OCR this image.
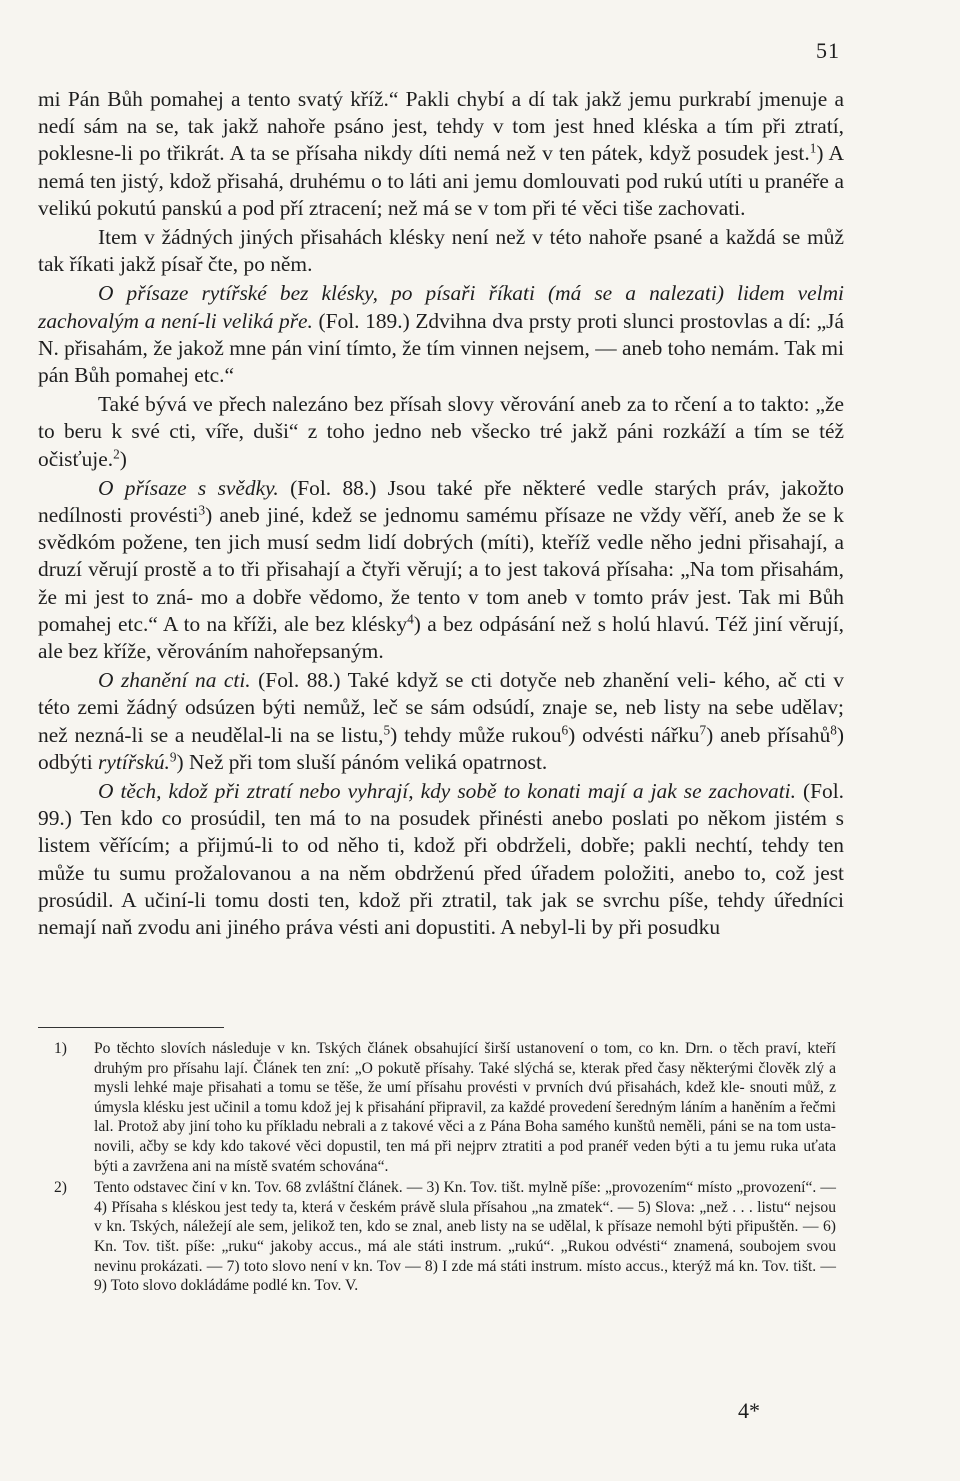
51

mi Pán Bůh pomahej a tento svatý kříž.“ Pakli chybí a dí tak jakž jemu purkrabí jmenuje a nedí sám na se, tak jakž nahoře psáno jest, tehdy v tom jest hned kléska a tím při ztratí, poklesne-li po třikrát. A ta se přísaha nikdy díti nemá než v ten pátek, když posudek jest.$^1$) A nemá ten jistý, kdož přisahá, druhému o to láti ani jemu domlouvati pod rukú utíti u pranéře a velikú pokutú panskú a pod pří ztracení; než má se v tom při té věci tiše zachovati.

Item v žádných jiných přisahách klésky není než v této nahoře psané a každá se můž tak říkati jakž písař čte, po něm.

O přísaze rytířské bez klésky, po písaři říkati (má se a nalezati) lidem velmi zachovalým a není-li veliká pře. (Fol. 189.) Zdvihna dva prsty proti slunci prostovlas a dí: „Já N. přisahám, že jakož mne pán viní tímto, že tím vinnen nejsem, — aneb toho nemám. Tak mi pán Bůh pomahej etc.“

Také bývá ve přech nalezáno bez přísah slovy věrování aneb za to rčení a to takto: „že to beru k své cti, víře, duši“ z toho jedno neb všecko tré jakž páni rozkáží a tím se též očisťuje.$^2$)

O přísaze s svědky. (Fol. 88.) Jsou také pře některé vedle starých práv, jakožto nedílnosti provésti$^3$) aneb jiné, kdež se jednomu samému přísaze ne vždy věří, aneb že se k svědkóm požene, ten jich musí sedm lidí dobrých (míti), kteříž vedle něho jedni přisahají, a druzí věrují prostě a to tři přisahají a čtyři věrují; a to jest taková přísaha: „Na tom přisahám, že mi jest to zná- mo a dobře vědomo, že tento v tom aneb v tomto práv jest. Tak mi Bůh pomahej etc.“ A to na kříži, ale bez klésky$^4$) a bez odpásání než s holú hlavú. Též jiní věrují, ale bez kříže, věrováním nahořepsaným.

O zhanění na cti. (Fol. 88.) Také když se cti dotyče neb zhanění veli- kého, ač cti v této zemi žádný odsúzen býti nemůž, leč se sám odsúdí, znaje se, neb listy na sebe udělav; než nezná-li se a neudělal-li na se listu,$^5$) tehdy může rukou$^6$) odvésti nářku$^7$) aneb přísahů$^8$) odbýti rytířskú.$^9$) Než při tom sluší pánóm veliká opatrnost.

O těch, kdož při ztratí nebo vyhrají, kdy sobě to konati mají a jak se zachovati. (Fol. 99.) Ten kdo co prosúdil, ten má to na posudek přinésti anebo poslati po někom jistém s listem věřícím; a přijmú-li to od něho ti, kdož při obdrželi, dobře; pakli nechtí, tehdy ten může tu sumu prožalovanou a na něm obdrženú před úřadem položiti, anebo to, což jest prosúdil. A učiní-li tomu dosti ten, kdož při ztratil, tak jak se svrchu píše, tehdy úředníci nemají naň zvodu ani jiného práva vésti ani dopustiti. A nebyl-li by při posudku

1) Po těchto slovích následuje v kn. Tských článek obsahující širší ustanovení o tom, co kn. Drn. o těch praví, kteří druhým pro přísahu lají. Článek ten zní: „O pokutě přísahy. Také slýchá se, kterak před časy některými člověk zlý a mysli lehké maje přisahati a tomu se těše, že umí přísahu provésti v prvních dvú přisahách, kdež kle- snouti můž, z úmysla klésku jest učinil a tomu kdož jej k přisahání připravil, za každé provedení šeredným láním a haněním a řečmi lal. Protož aby jiní toho ku příkladu nebrali a z takové věci a z Pána Boha samého kunštů neměli, páni se na tom usta- novili, ačby se kdy kdo takové věci dopustil, ten má při nejprv ztratiti a pod pranéř veden býti a tu jemu ruka uťata býti a zavržena ani na místě svatém schována“.

2) Tento odstavec činí v kn. Tov. 68 zvláštní článek. — 3) Kn. Tov. tišt. mylně píše: „provozením“ místo „provození“. — 4) Přísaha s kléskou jest tedy ta, která v českém právě slula přísahou „na zmatek“. — 5) Slova: „než . . . listu“ nejsou v kn. Tských, náležejí ale sem, jelikož ten, kdo se znal, aneb listy na se udělal, k přísaze nemohl býti připuštěn. — 6) Kn. Tov. tišt. píše: „ruku“ jakoby accus., má ale státi instrum. „rukú“. „Rukou odvésti“ znamená, soubojem svou nevinu prokázati. — 7) toto slovo není v kn. Tov — 8) I zde má státi instrum. místo accus., kterýž má kn. Tov. tišt. — 9) Toto slovo dokládáme podlé kn. Tov. V.

4*
